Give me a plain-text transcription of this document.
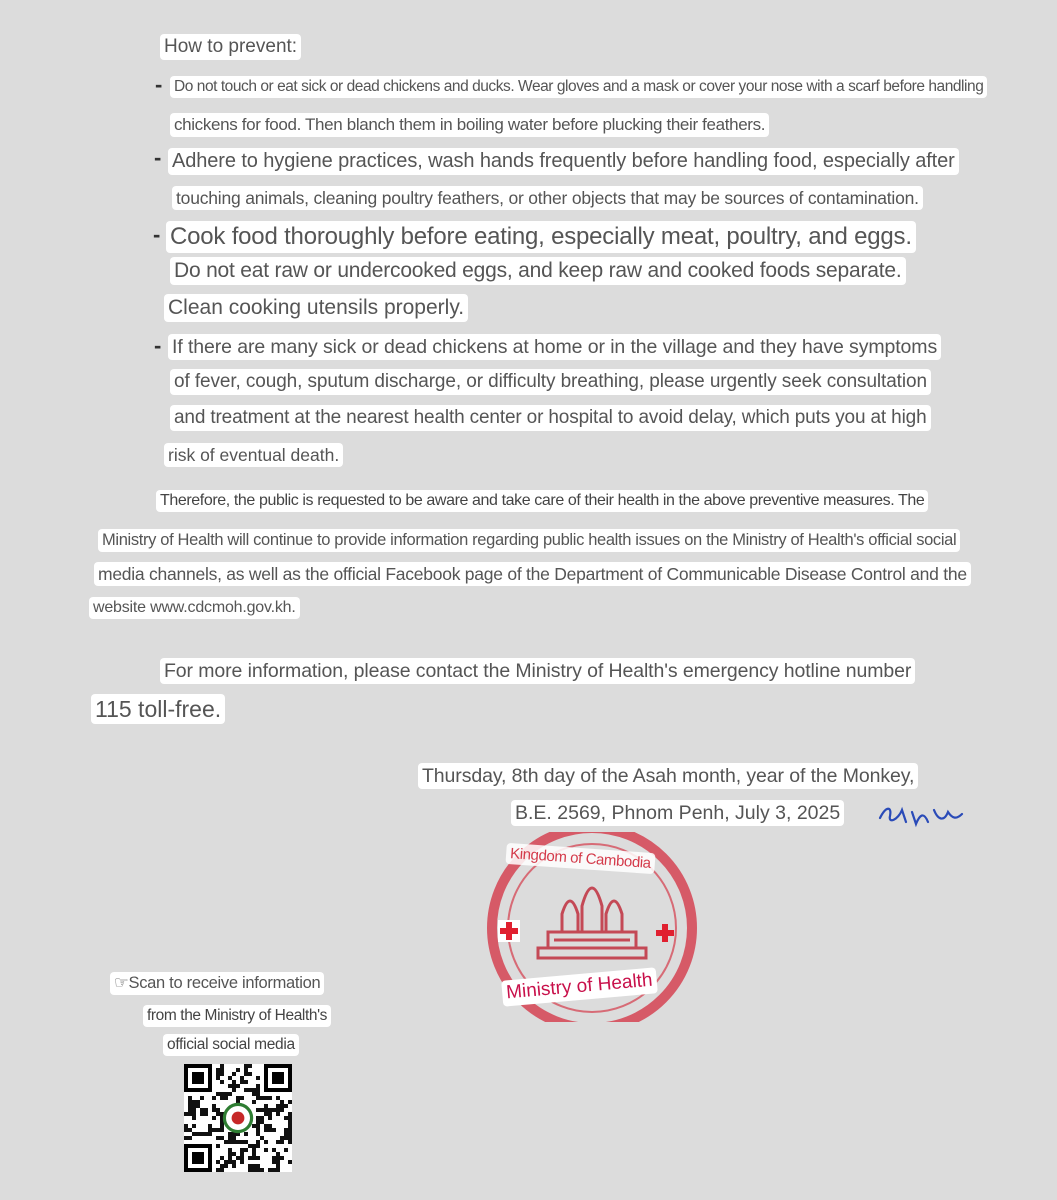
How to prevent:
- Do not touch or eat sick or dead chickens and ducks. Wear gloves and a mask or cover your nose with a scarf before handling
chickens for food. Then blanch them in boiling water before plucking their feathers.
- Adhere to hygiene practices, wash hands frequently before handling food, especially after
touching animals, cleaning poultry feathers, or other objects that may be sources of contamination.
- Cook food thoroughly before eating, especially meat, poultry, and eggs.
Do not eat raw or undercooked eggs, and keep raw and cooked foods separate.
Clean cooking utensils properly.
- If there are many sick or dead chickens at home or in the village and they have symptoms
of fever, cough, sputum discharge, or difficulty breathing, please urgently seek consultation
and treatment at the nearest health center or hospital to avoid delay, which puts you at high
risk of eventual death.
Therefore, the public is requested to be aware and take care of their health in the above preventive measures. The
Ministry of Health will continue to provide information regarding public health issues on the Ministry of Health's official social
media channels, as well as the official Facebook page of the Department of Communicable Disease Control and the
website www.cdcmoh.gov.kh.
For more information, please contact the Ministry of Health's emergency hotline number
115 toll-free.
Thursday, 8th day of the Asah month, year of the Monkey,
B.E. 2569, Phnom Penh, July 3, 2025
Kingdom of Cambodia
Ministry of Health
☞Scan to receive information
from the Ministry of Health's
official social media
